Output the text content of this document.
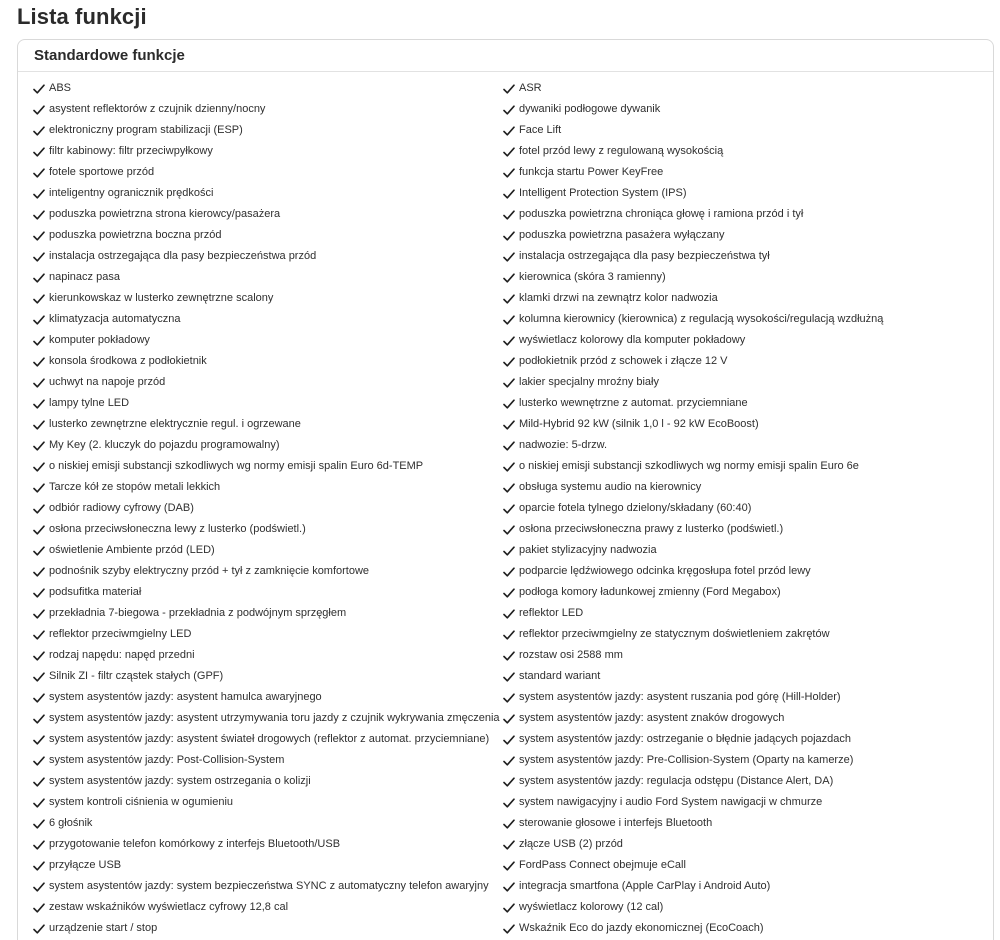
Lista funkcji
Standardowe funkcje
ABS
asystent reflektorów z czujnik dzienny/nocny
elektroniczny program stabilizacji (ESP)
filtr kabinowy: filtr przeciwpyłkowy
fotele sportowe przód
inteligentny ogranicznik prędkości
poduszka powietrzna strona kierowcy/pasażera
poduszka powietrzna boczna przód
instalacja ostrzegająca dla pasy bezpieczeństwa przód
napinacz pasa
kierunkowskaz w lusterko zewnętrzne scalony
klimatyzacja automatyczna
komputer pokładowy
konsola środkowa z podłokietnik
uchwyt na napoje przód
lampy tylne LED
lusterko zewnętrzne elektrycznie regul. i ogrzewane
My Key (2. kluczyk do pojazdu programowalny)
o niskiej emisji substancji szkodliwych wg normy emisji spalin Euro 6d-TEMP
Tarcze kół ze stopów metali lekkich
odbiór radiowy cyfrowy (DAB)
osłona przeciwsłoneczna lewy z lusterko (podświetl.)
oświetlenie Ambiente przód (LED)
podnośnik szyby elektryczny przód + tył z zamknięcie komfortowe
podsufitka materiał
przekładnia 7-biegowa - przekładnia z podwójnym sprzęgłem
reflektor przeciwmgielny LED
rodzaj napędu: napęd przedni
Silnik ZI - filtr cząstek stałych (GPF)
system asystentów jazdy: asystent hamulca awaryjnego
system asystentów jazdy: asystent utrzymywania toru jazdy z czujnik wykrywania zmęczenia
system asystentów jazdy: asystent świateł drogowych (reflektor z automat. przyciemniane)
system asystentów jazdy: Post-Collision-System
system asystentów jazdy: system ostrzegania o kolizji
system kontroli ciśnienia w ogumieniu
6 głośnik
przygotowanie telefon komórkowy z interfejs Bluetooth/USB
przyłącze USB
system asystentów jazdy: system bezpieczeństwa SYNC z automatyczny telefon awaryjny
zestaw wskaźników wyświetlacz cyfrowy 12,8 cal
urządzenie start / stop
ASR
dywaniki podłogowe dywanik
Face Lift
fotel przód lewy z regulowaną wysokością
funkcja startu Power KeyFree
Intelligent Protection System (IPS)
poduszka powietrzna chroniąca głowę i ramiona przód i tył
poduszka powietrzna pasażera wyłączany
instalacja ostrzegająca dla pasy bezpieczeństwa tył
kierownica (skóra 3 ramienny)
klamki drzwi na zewnątrz kolor nadwozia
kolumna kierownicy (kierownica) z regulacją wysokości/regulacją wzdłużną
wyświetlacz kolorowy dla komputer pokładowy
podłokietnik przód z schowek i złącze 12 V
lakier specjalny mroźny biały
lusterko wewnętrzne z automat. przyciemniane
Mild-Hybrid 92 kW (silnik 1,0 l - 92 kW EcoBoost)
nadwozie: 5-drzw.
o niskiej emisji substancji szkodliwych wg normy emisji spalin Euro 6e
obsługa systemu audio na kierownicy
oparcie fotela tylnego dzielony/składany (60:40)
osłona przeciwsłoneczna prawy z lusterko (podświetl.)
pakiet stylizacyjny nadwozia
podparcie lędźwiowego odcinka kręgosłupa fotel przód lewy
podłoga komory ładunkowej zmienny (Ford Megabox)
reflektor LED
reflektor przeciwmgielny ze statycznym doświetleniem zakrętów
rozstaw osi 2588 mm
standard wariant
system asystentów jazdy: asystent ruszania pod górę (Hill-Holder)
system asystentów jazdy: asystent znaków drogowych
system asystentów jazdy: ostrzeganie o błędnie jadących pojazdach
system asystentów jazdy: Pre-Collision-System (Oparty na kamerze)
system asystentów jazdy: regulacja odstępu (Distance Alert, DA)
system nawigacyjny i audio Ford System nawigacji w chmurze
sterowanie głosowe i interfejs Bluetooth
złącze USB (2) przód
FordPass Connect obejmuje eCall
integracja smartfona (Apple CarPlay i Android Auto)
wyświetlacz kolorowy (12 cal)
Wskaźnik Eco do jazdy ekonomicznej (EcoCoach)
